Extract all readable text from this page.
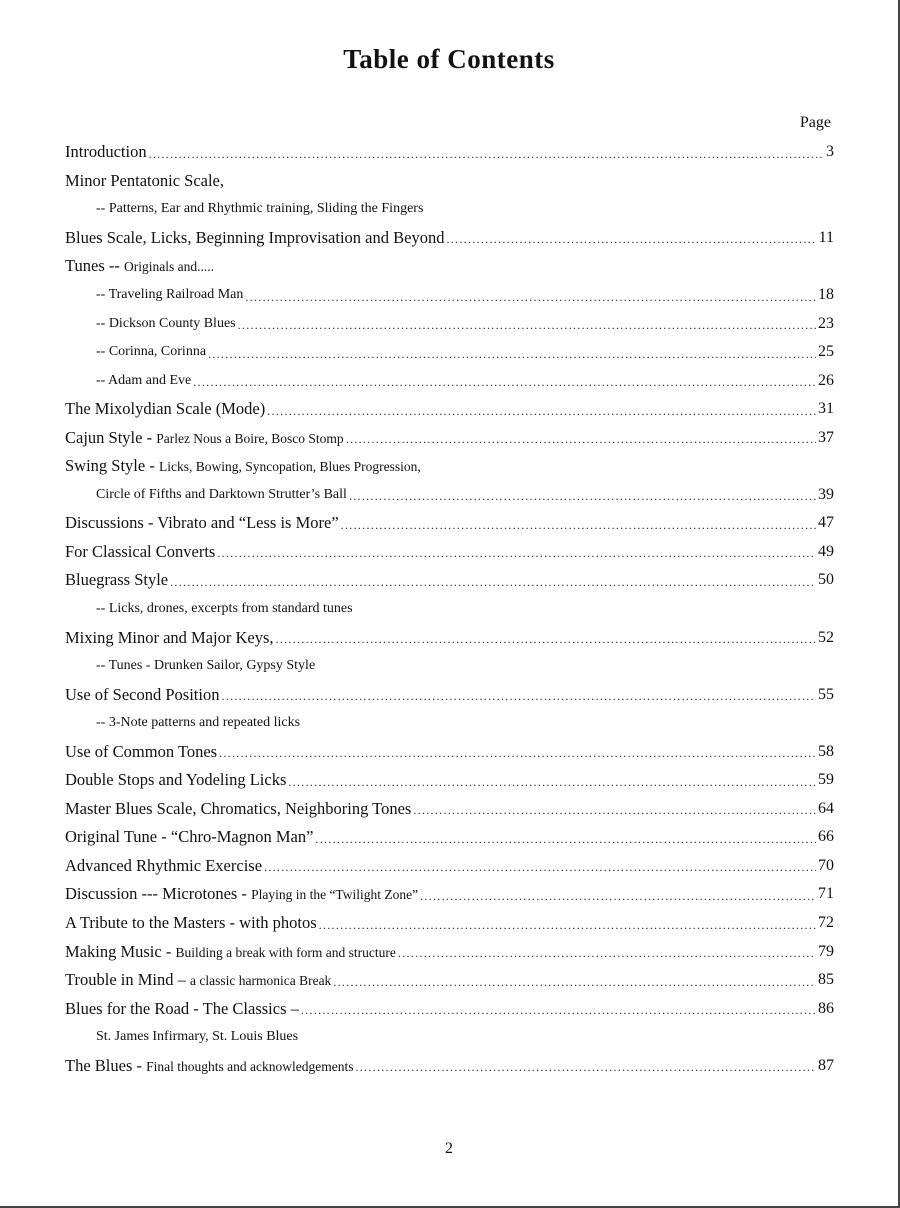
Table of Contents
Page
Introduction .....	3
Minor Pentatonic Scale,
-- Patterns, Ear and Rhythmic training, Sliding the Fingers
Blues Scale, Licks, Beginning Improvisation and Beyond .....	11
Tunes -- Originals and.....
-- Traveling Railroad Man .....	18
-- Dickson County Blues .....	23
-- Corinna, Corinna .....	25
-- Adam and Eve .....	26
The Mixolydian Scale (Mode) .....	31
Cajun Style - Parlez Nous a Boire, Bosco Stomp .....	37
Swing Style - Licks, Bowing, Syncopation, Blues Progression,
Circle of Fifths and Darktown Strutter’s Ball .....	39
Discussions - Vibrato and “Less is More” .....	47
For Classical Converts .....	49
Bluegrass Style .....	50
-- Licks, drones, excerpts from standard tunes
Mixing Minor and Major Keys, .....	52
-- Tunes - Drunken Sailor, Gypsy Style
Use of Second Position .....	55
-- 3-Note patterns and repeated licks
Use of Common Tones .....	58
Double Stops and Yodeling Licks .....	59
Master Blues Scale, Chromatics, Neighboring Tones .....	64
Original Tune - “Chro-Magnon Man” .....	66
Advanced Rhythmic Exercise .....	70
Discussion --- Microtones - Playing in the “Twilight Zone” .....	71
A Tribute to the Masters - with photos .....	72
Making Music - Building a break with form and structure .....	79
Trouble in Mind – a classic harmonica Break .....	85
Blues for the Road - The Classics – .....	86
St. James Infirmary, St. Louis Blues
The Blues - Final thoughts and acknowledgements .....	87
2
